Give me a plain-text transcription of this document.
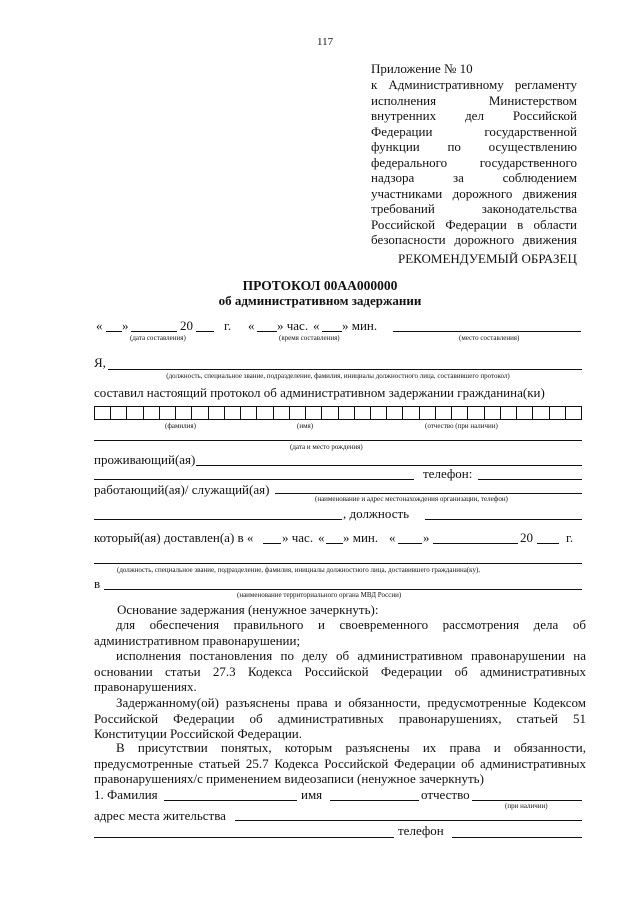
117
Приложение № 10
к Административному регламенту
исполнения Министерством
внутренних дел Российской
Федерации государственной
функции по осуществлению
федерального государственного
надзора за соблюдением
участниками дорожного движения
требований законодательства
Российской Федерации в области
безопасности дорожного движения
РЕКОМЕНДУЕМЫЙ ОБРАЗЕЦ
ПРОТОКОЛ 00АА000000
об административном задержании
« »	20 г. « » час. « » мин.
(дата составления)	(время составления)	(место составления)
Я,
(должность, специальное звание, подразделение, фамилия, инициалы должностного лица, составившего протокол)
составил настоящий протокол об административном задержании гражданина(ки)
(фамилия)	(имя)	(отчество (при наличии)
(дата и место рождения)
проживающий(ая)
телефон:
работающий(ая)/ служащий(ая)
(наименование и адрес местонахождения организации, телефон)
, должность
который(ая) доставлен(а) в « » час. « » мин. « »	20	г.
(должность, специальное звание, подразделение, фамилия, инициалы должностного лица, доставившего гражданина(ку),
в
(наименование территориального органа МВД России)
Основание задержания (ненужное зачеркнуть):
для обеспечения правильного и своевременного рассмотрения дела об
административном правонарушении;
исполнения постановления по делу об административном правонарушении на
основании статьи 27.3 Кодекса Российской Федерации об административных
правонарушениях.
Задержанному(ой) разъяснены права и обязанности, предусмотренные Кодексом
Российской Федерации об административных правонарушениях, статьей 51
Конституции Российской Федерации.
В присутствии понятых, которым разъяснены их права и обязанности,
предусмотренные статьей 25.7 Кодекса Российской Федерации об административных
правонарушениях/с применением видеозаписи (ненужное зачеркнуть)
1. Фамилия	имя	отчество
(при наличии)
адрес места жительства
телефон
